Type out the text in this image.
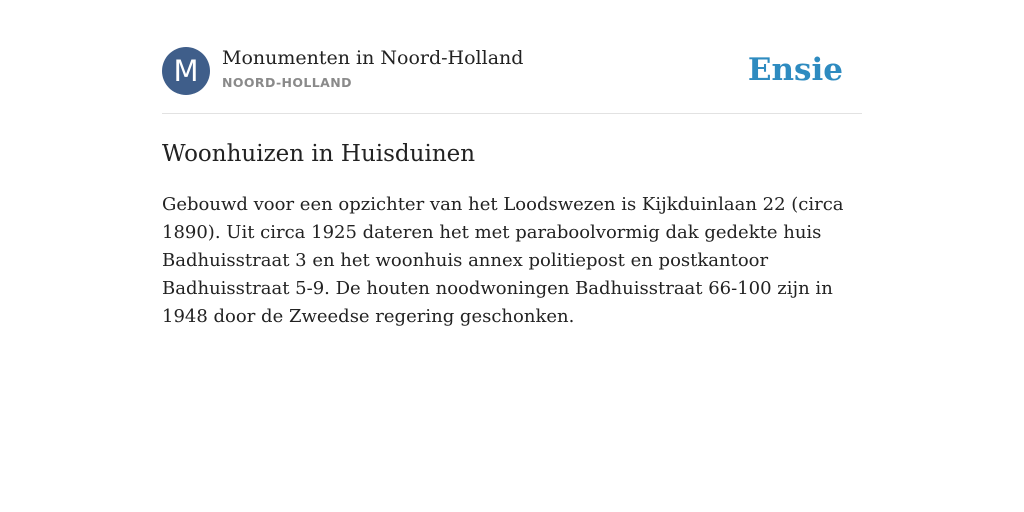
M	Monumenten in Noord-Holland
NOORD-HOLLAND	Ensie
Woonhuizen in Huisduinen

Gebouwd voor een opzichter van het Loodswezen is Kijkduinlaan 22 (circa 1890). Uit circa 1925 dateren het met paraboolvormig dak gedekte huis Badhuisstraat 3 en het woonhuis annex politiepost en postkantoor Badhuisstraat 5-9. De houten noodwoningen Badhuisstraat 66-100 zijn in 1948 door de Zweedse regering geschonken.
